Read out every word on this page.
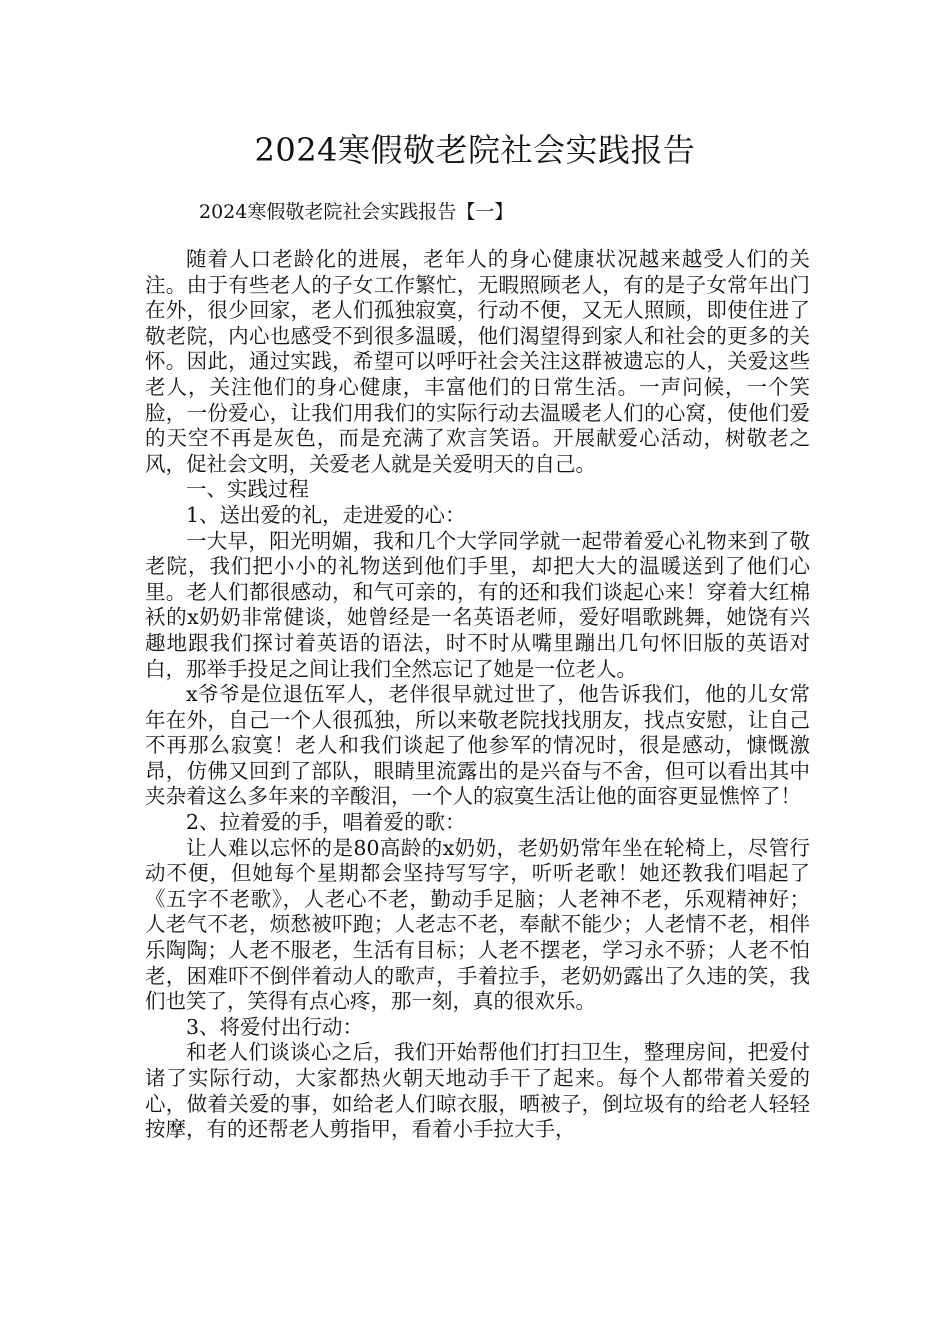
2024寒假敬老院社会实践报告

2024寒假敬老院社会实践报告【一】

随着人口老龄化的进展，老年人的身心健康状况越来越受人们的关注。由于有些老人的子女工作繁忙，无暇照顾老人，有的是子女常年出门在外，很少回家，老人们孤独寂寞，行动不便，又无人照顾，即使住进了敬老院，内心也感受不到很多温暖，他们渴望得到家人和社会的更多的关怀。因此，通过实践，希望可以呼吁社会关注这群被遗忘的人，关爱这些老人，关注他们的身心健康，丰富他们的日常生活。一声问候，一个笑脸，一份爱心，让我们用我们的实际行动去温暖老人们的心窝，使他们爱的天空不再是灰色，而是充满了欢言笑语。开展献爱心活动，树敬老之风，促社会文明，关爱老人就是关爱明天的自己。

一、实践过程

1、送出爱的礼，走进爱的心：

一大早，阳光明媚，我和几个大学同学就一起带着爱心礼物来到了敬老院，我们把小小的礼物送到他们手里，却把大大的温暖送到了他们心里。老人们都很感动，和气可亲的，有的还和我们谈起心来！穿着大红棉袄的x奶奶非常健谈，她曾经是一名英语老师，爱好唱歌跳舞，她饶有兴趣地跟我们探讨着英语的语法，时不时从嘴里蹦出几句怀旧版的英语对白，那举手投足之间让我们全然忘记了她是一位老人。

x爷爷是位退伍军人，老伴很早就过世了，他告诉我们，他的儿女常年在外，自己一个人很孤独，所以来敬老院找找朋友，找点安慰，让自己不再那么寂寞！老人和我们谈起了他参军的情况时，很是感动，慷慨激昂，仿佛又回到了部队，眼睛里流露出的是兴奋与不舍，但可以看出其中夹杂着这么多年来的辛酸泪，一个人的寂寞生活让他的面容更显憔悴了！

2、拉着爱的手，唱着爱的歌：

让人难以忘怀的是80高龄的x奶奶，老奶奶常年坐在轮椅上，尽管行动不便，但她每个星期都会坚持写写字，听听老歌！她还教我们唱起了《五字不老歌》，人老心不老，勤动手足脑；人老神不老，乐观精神好；人老气不老，烦愁被吓跑；人老志不老，奉献不能少；人老情不老，相伴乐陶陶；人老不服老，生活有目标；人老不摆老，学习永不骄；人老不怕老，困难吓不倒伴着动人的歌声，手着拉手，老奶奶露出了久违的笑，我们也笑了，笑得有点心疼，那一刻，真的很欢乐。

3、将爱付出行动：

和老人们谈谈心之后，我们开始帮他们打扫卫生，整理房间，把爱付诸了实际行动，大家都热火朝天地动手干了起来。每个人都带着关爱的心，做着关爱的事，如给老人们晾衣服，晒被子，倒垃圾有的给老人轻轻按摩，有的还帮老人剪指甲，看着小手拉大手，
